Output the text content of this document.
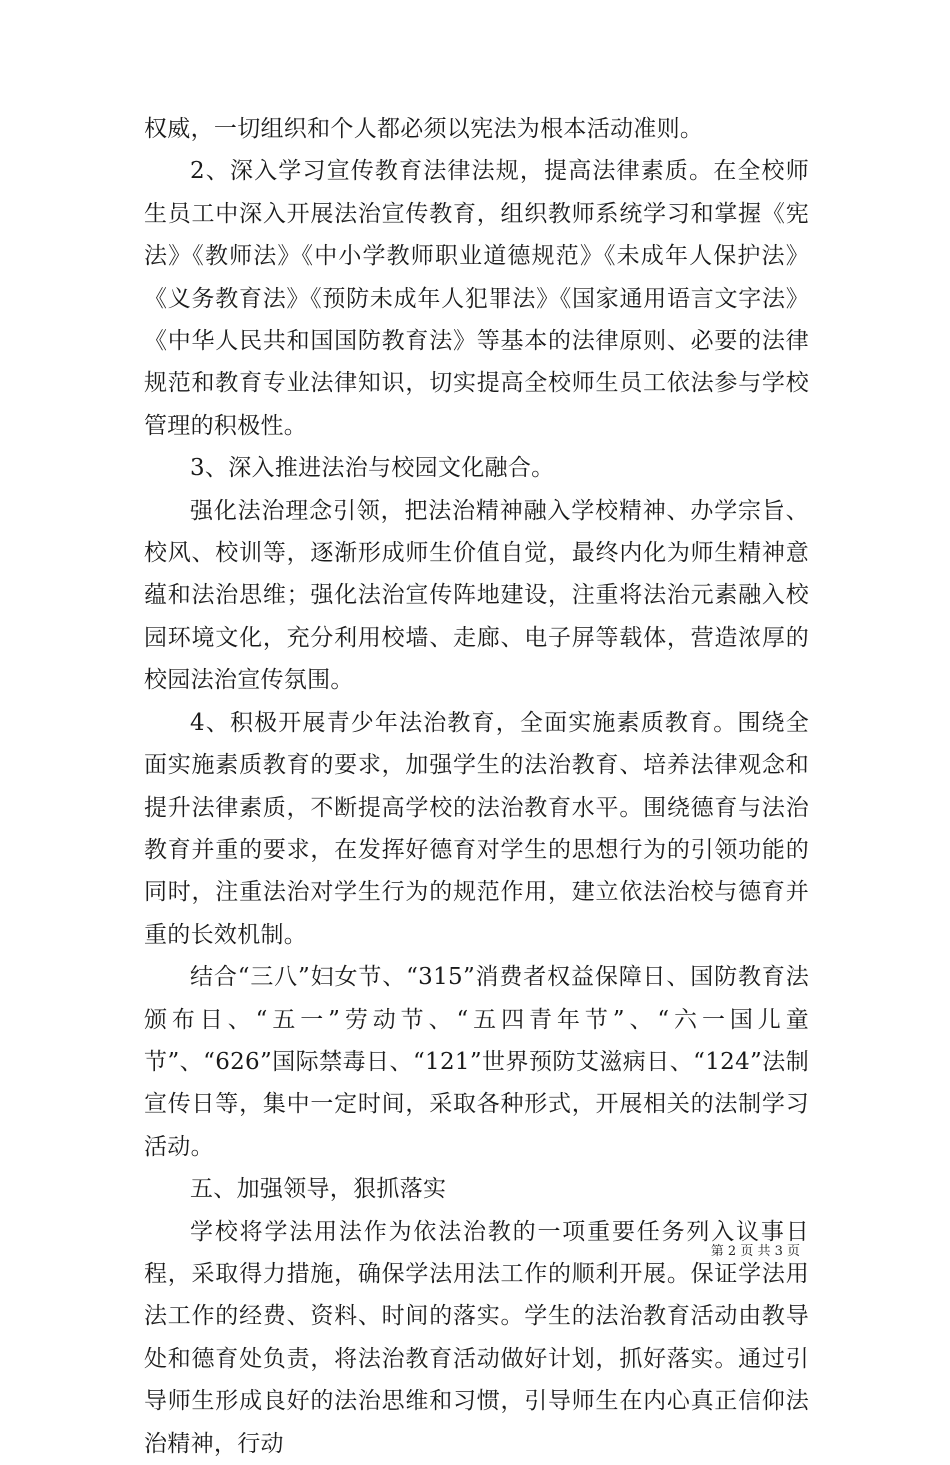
权威，一切组织和个人都必须以宪法为根本活动准则。

2、深入学习宣传教育法律法规，提高法律素质。在全校师生员工中深入开展法治宣传教育，组织教师系统学习和掌握《宪法》《教师法》《中小学教师职业道德规范》《未成年人保护法》《义务教育法》《预防未成年人犯罪法》《国家通用语言文字法》《中华人民共和国国防教育法》等基本的法律原则、必要的法律规范和教育专业法律知识，切实提高全校师生员工依法参与学校管理的积极性。

3、深入推进法治与校园文化融合。

强化法治理念引领，把法治精神融入学校精神、办学宗旨、校风、校训等，逐渐形成师生价值自觉，最终内化为师生精神意蕴和法治思维；强化法治宣传阵地建设，注重将法治元素融入校园环境文化，充分利用校墙、走廊、电子屏等载体，营造浓厚的校园法治宣传氛围。

4、积极开展青少年法治教育，全面实施素质教育。围绕全面实施素质教育的要求，加强学生的法治教育、培养法律观念和提升法律素质，不断提高学校的法治教育水平。围绕德育与法治教育并重的要求，在发挥好德育对学生的思想行为的引领功能的同时，注重法治对学生行为的规范作用，建立依法治校与德育并重的长效机制。

结合“三八”妇女节、“315”消费者权益保障日、国防教育法颁布日、“五一”劳动节、“五四青年节”、“六一国儿童节”、“626”国际禁毒日、“121”世界预防艾滋病日、“124”法制宣传日等，集中一定时间，采取各种形式，开展相关的法制学习活动。

五、加强领导，狠抓落实

学校将学法用法作为依法治教的一项重要任务列入议事日程，采取得力措施，确保学法用法工作的顺利开展。保证学法用法工作的经费、资料、时间的落实。学生的法治教育活动由教导处和德育处负责，将法治教育活动做好计划，抓好落实。通过引导师生形成良好的法治思维和习惯，引导师生在内心真正信仰法治精神，行动

第 2 页 共 3 页
